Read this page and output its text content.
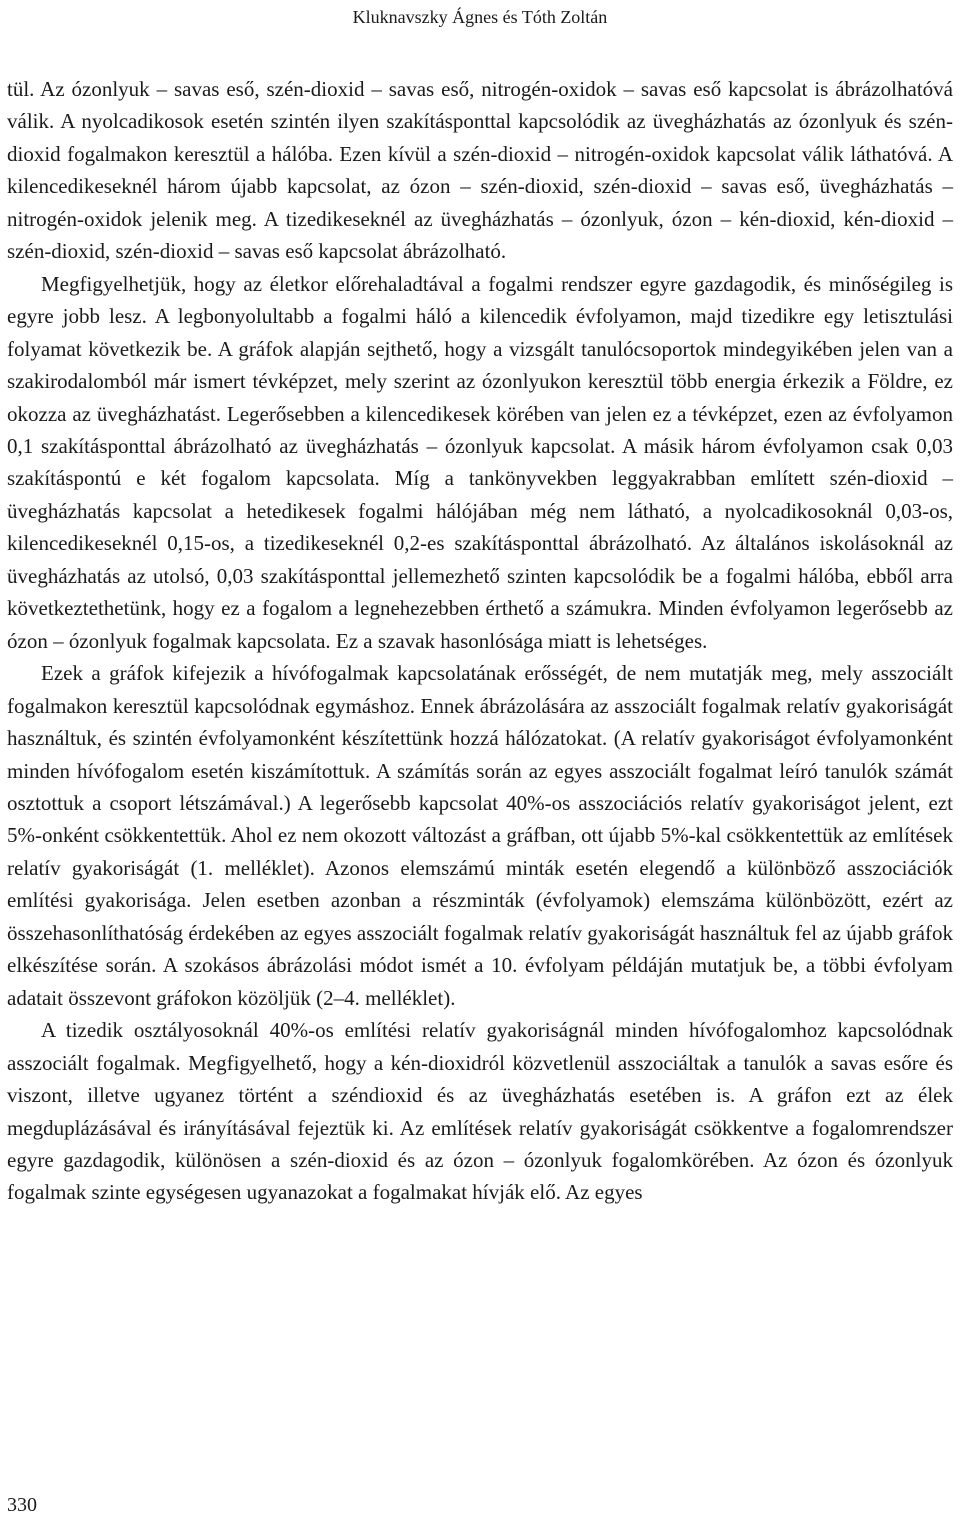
Kluknavszky Ágnes és Tóth Zoltán

tül. Az ózonlyuk – savas eső, szén-dioxid – savas eső, nitrogén-oxidok – savas eső kapcsolat is ábrázolhatóvá válik. A nyolcadikosok esetén szintén ilyen szakításponttal kapcsolódik az üvegházhatás az ózonlyuk és szén-dioxid fogalmakon keresztül a hálóba. Ezen kívül a szén-dioxid – nitrogén-oxidok kapcsolat válik láthatóvá. A kilencedikeseknél három újabb kapcsolat, az ózon – szén-dioxid, szén-dioxid – savas eső, üvegházhatás – nitrogén-oxidok jelenik meg. A tizedikeseknél az üvegházhatás – ózonlyuk, ózon – kén-dioxid, kén-dioxid – szén-dioxid, szén-dioxid – savas eső kapcsolat ábrázolható.

Megfigyelhetjük, hogy az életkor előrehaladtával a fogalmi rendszer egyre gazdagodik, és minőségileg is egyre jobb lesz. A legbonyolultabb a fogalmi háló a kilencedik évfolyamon, majd tizedikre egy letisztulási folyamat következik be. A gráfok alapján sejthető, hogy a vizsgált tanulócsoportok mindegyikében jelen van a szakirodalomból már ismert tévképzet, mely szerint az ózonlyukon keresztül több energia érkezik a Földre, ez okozza az üvegházhatást. Legerősebben a kilencedikesek körében van jelen ez a tévképzet, ezen az évfolyamon 0,1 szakításponttal ábrázolható az üvegházhatás – ózonlyuk kapcsolat. A másik három évfolyamon csak 0,03 szakításpontú e két fogalom kapcsolata. Míg a tankönyvekben leggyakrabban említett szén-dioxid – üvegházhatás kapcsolat a hetedikesek fogalmi hálójában még nem látható, a nyolcadikosoknál 0,03-os, kilencedikeseknél 0,15-os, a tizedikeseknél 0,2-es szakításponttal ábrázolható. Az általános iskolásoknál az üvegházhatás az utolsó, 0,03 szakításponttal jellemezhető szinten kapcsolódik be a fogalmi hálóba, ebből arra következtethetünk, hogy ez a fogalom a legnehezebben érthető a számukra. Minden évfolyamon legerősebb az ózon – ózonlyuk fogalmak kapcsolata. Ez a szavak hasonlósága miatt is lehetséges.

Ezek a gráfok kifejezik a hívófogalmak kapcsolatának erősségét, de nem mutatják meg, mely asszociált fogalmakon keresztül kapcsolódnak egymáshoz. Ennek ábrázolására az asszociált fogalmak relatív gyakoriságát használtuk, és szintén évfolyamonként készítettünk hozzá hálózatokat. (A relatív gyakoriságot évfolyamonként minden hívófogalom esetén kiszámítottuk. A számítás során az egyes asszociált fogalmat leíró tanulók számát osztottuk a csoport létszámával.) A legerősebb kapcsolat 40%-os asszociációs relatív gyakoriságot jelent, ezt 5%-onként csökkentettük. Ahol ez nem okozott változást a gráfban, ott újabb 5%-kal csökkentettük az említések relatív gyakoriságát (1. melléklet). Azonos elemszámú minták esetén elegendő a különböző asszociációk említési gyakorisága. Jelen esetben azonban a részminták (évfolyamok) elemszáma különbözött, ezért az összehasonlíthatóság érdekében az egyes asszociált fogalmak relatív gyakoriságát használtuk fel az újabb gráfok elkészítése során. A szokásos ábrázolási módot ismét a 10. évfolyam példáján mutatjuk be, a többi évfolyam adatait összevont gráfokon közöljük (2–4. melléklet).

A tizedik osztályosoknál 40%-os említési relatív gyakoriságnál minden hívófogalomhoz kapcsolódnak asszociált fogalmak. Megfigyelhető, hogy a kén-dioxidról közvetlenül asszociáltak a tanulók a savas esőre és viszont, illetve ugyanez történt a széndioxid és az üvegházhatás esetében is. A gráfon ezt az élek megduplázásával és irányításával fejeztük ki. Az említések relatív gyakoriságát csökkentve a fogalomrendszer egyre gazdagodik, különösen a szén-dioxid és az ózon – ózonlyuk fogalomkörében. Az ózon és ózonlyuk fogalmak szinte egységesen ugyanazokat a fogalmakat hívják elő. Az egyes

330
